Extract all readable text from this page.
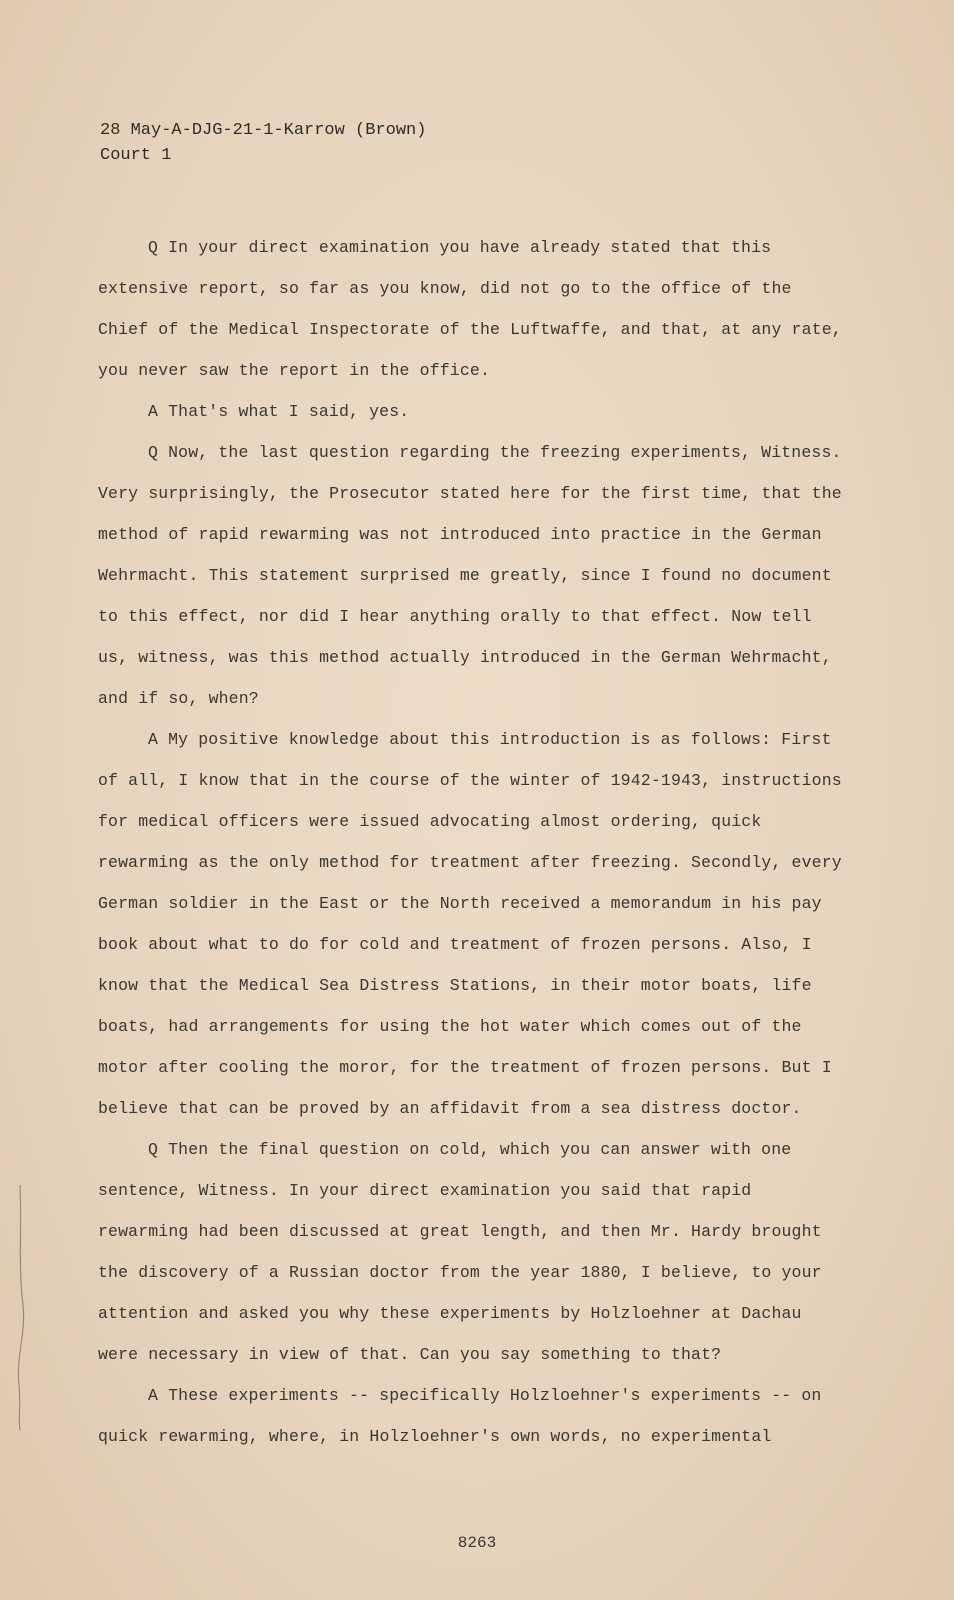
28 May-A-DJG-21-1-Karrow (Brown)
Court 1

Q In your direct examination you have already stated that this extensive report, so far as you know, did not go to the office of the Chief of the Medical Inspectorate of the Luftwaffe, and that, at any rate, you never saw the report in the office.

A That's what I said, yes.

Q Now, the last question regarding the freezing experiments, Witness. Very surprisingly, the Prosecutor stated here for the first time, that the method of rapid rewarming was not introduced into practice in the German Wehrmacht. This statement surprised me greatly, since I found no document to this effect, nor did I hear anything orally to that effect. Now tell us, witness, was this method actually introduced in the German Wehrmacht, and if so, when?

A My positive knowledge about this introduction is as follows: First of all, I know that in the course of the winter of 1942-1943, instructions for medical officers were issued advocating almost ordering, quick rewarming as the only method for treatment after freezing. Secondly, every German soldier in the East or the North received a memorandum in his pay book about what to do for cold and treatment of frozen persons. Also, I know that the Medical Sea Distress Stations, in their motor boats, life boats, had arrangements for using the hot water which comes out of the motor after cooling the moror, for the treatment of frozen persons. But I believe that can be proved by an affidavit from a sea distress doctor.

Q Then the final question on cold, which you can answer with one sentence, Witness. In your direct examination you said that rapid rewarming had been discussed at great length, and then Mr. Hardy brought the discovery of a Russian doctor from the year 1880, I believe, to your attention and asked you why these experiments by Holzloehner at Dachau were necessary in view of that. Can you say something to that?

A These experiments -- specifically Holzloehner's experiments -- on quick rewarming, where, in Holzloehner's own words, no experimental

8263
